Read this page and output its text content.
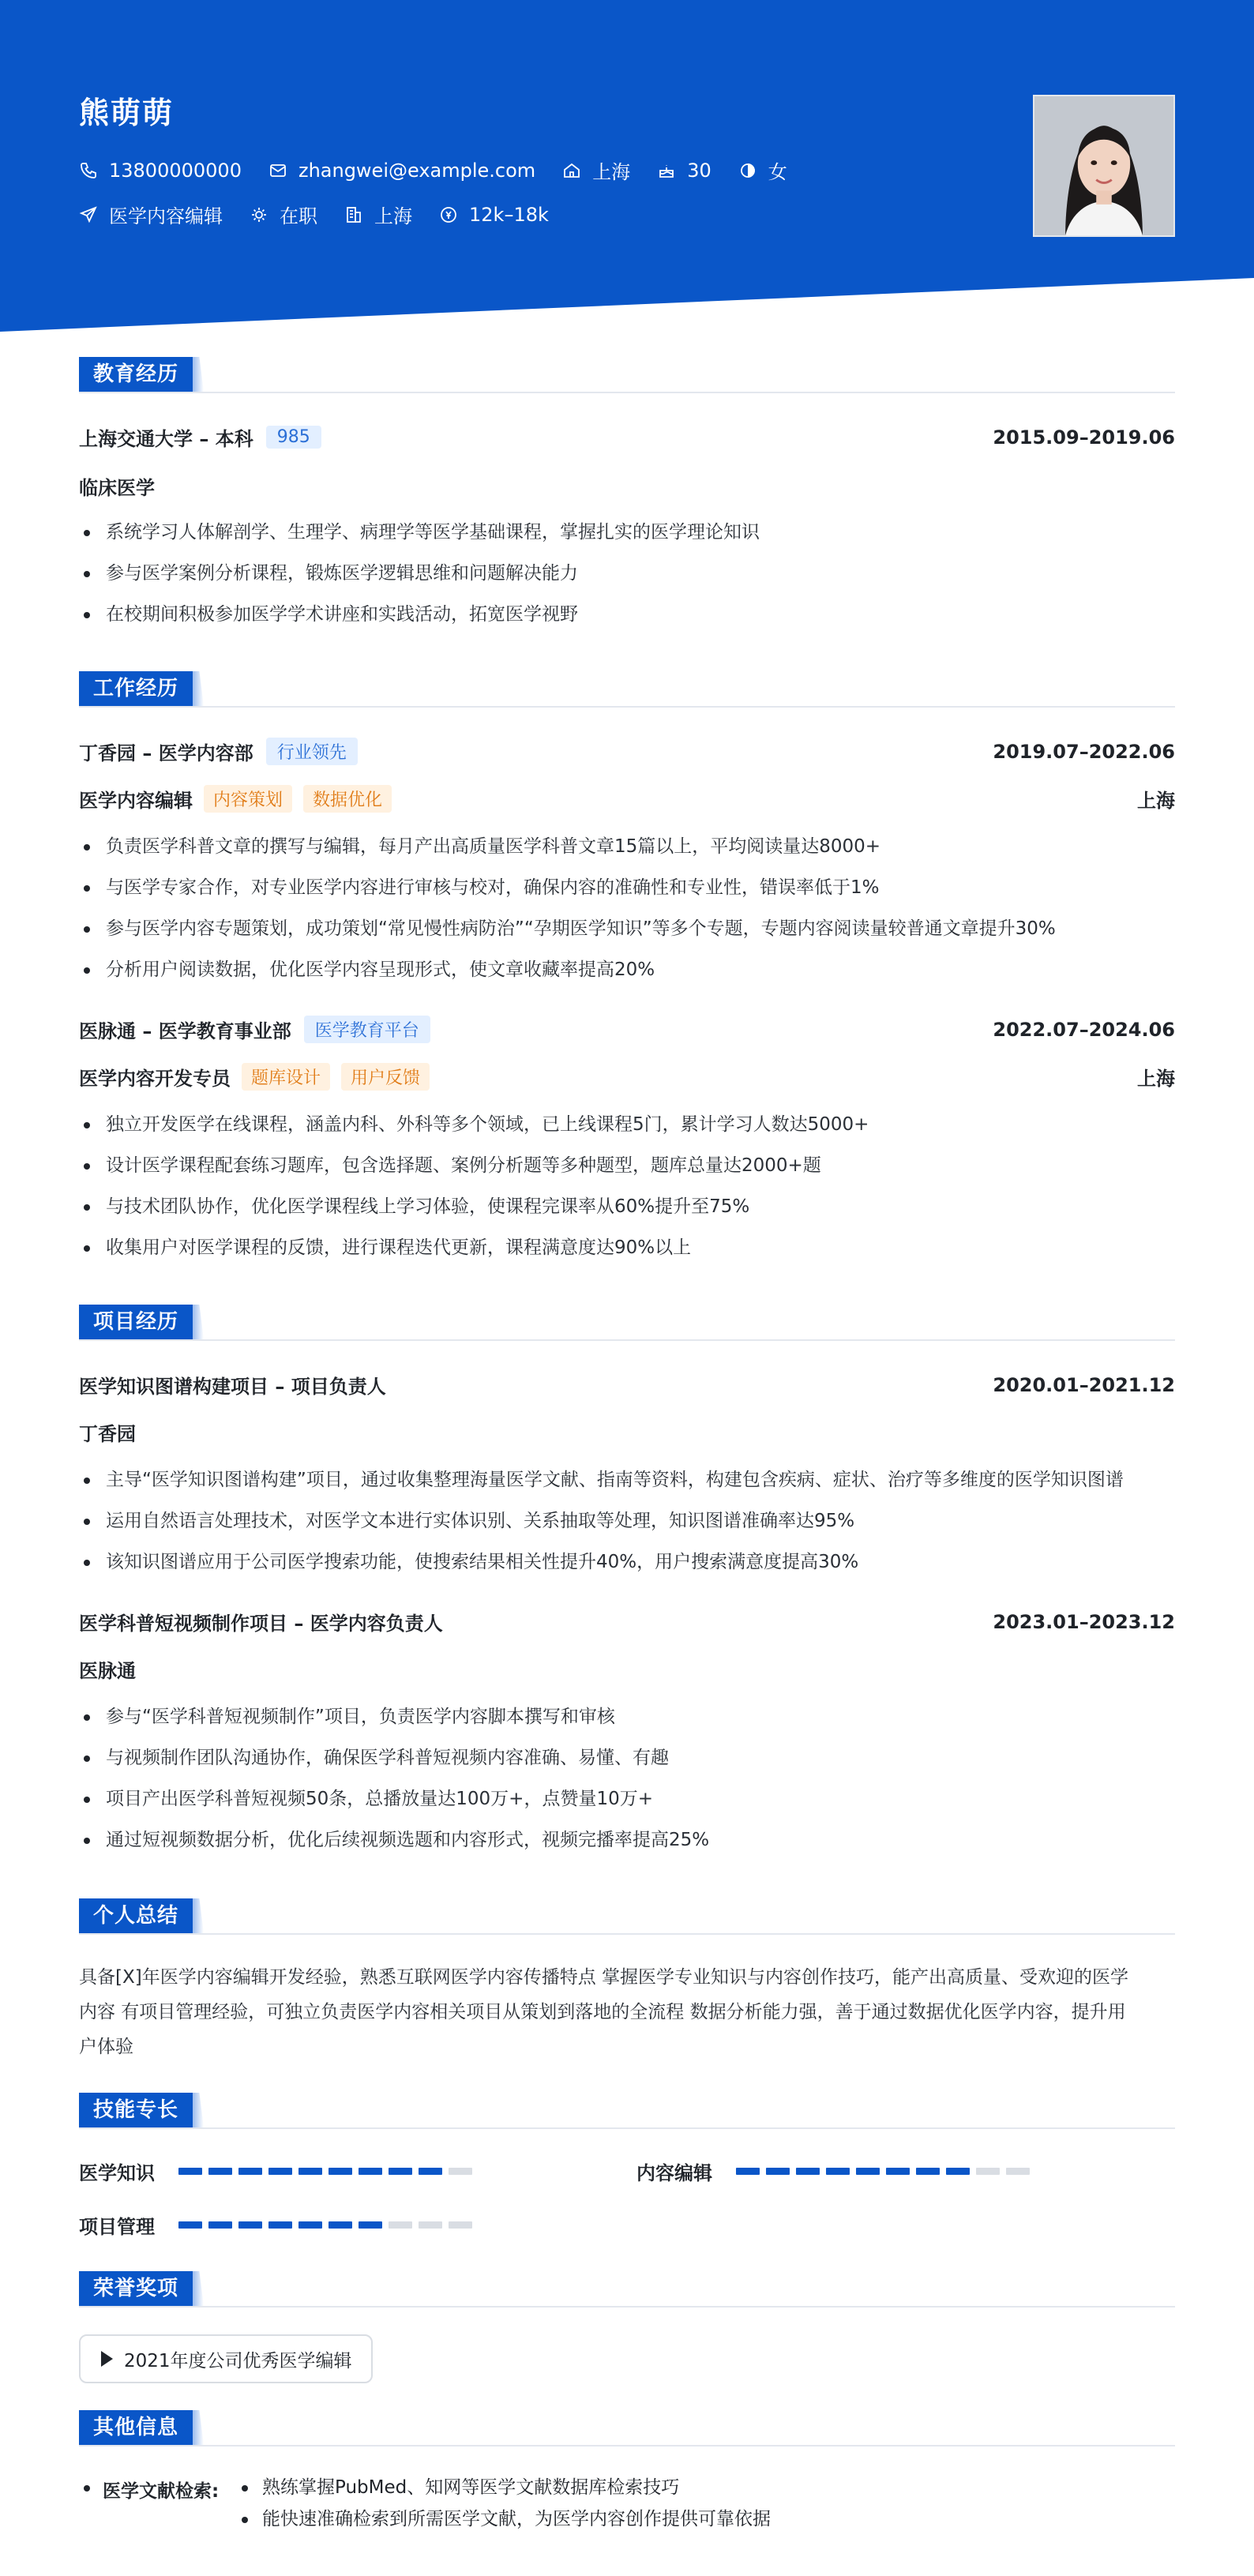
熊萌萌
13800000000	zhangwei@example.com	上海	30	女
医学内容编辑	在职	上海	12k–18k
教育经历
上海交通大学 – 本科	985	2015.09–2019.06
临床医学
系统学习人体解剖学、生理学、病理学等医学基础课程，掌握扎实的医学理论知识
参与医学案例分析课程，锻炼医学逻辑思维和问题解决能力
在校期间积极参加医学学术讲座和实践活动，拓宽医学视野
工作经历
丁香园 – 医学内容部	行业领先	2019.07–2022.06
医学内容编辑	内容策划	数据优化	上海
负责医学科普文章的撰写与编辑，每月产出高质量医学科普文章15篇以上，平均阅读量达8000+
与医学专家合作，对专业医学内容进行审核与校对，确保内容的准确性和专业性，错误率低于1%
参与医学内容专题策划，成功策划“常见慢性病防治”“孕期医学知识”等多个专题，专题内容阅读量较普通文章提升30%
分析用户阅读数据，优化医学内容呈现形式，使文章收藏率提高20%
医脉通 – 医学教育事业部	医学教育平台	2022.07–2024.06
医学内容开发专员	题库设计	用户反馈	上海
独立开发医学在线课程，涵盖内科、外科等多个领域，已上线课程5门，累计学习人数达5000+
设计医学课程配套练习题库，包含选择题、案例分析题等多种题型，题库总量达2000+题
与技术团队协作，优化医学课程线上学习体验，使课程完课率从60%提升至75%
收集用户对医学课程的反馈，进行课程迭代更新，课程满意度达90%以上
项目经历
医学知识图谱构建项目 – 项目负责人	2020.01–2021.12
丁香园
主导“医学知识图谱构建”项目，通过收集整理海量医学文献、指南等资料，构建包含疾病、症状、治疗等多维度的医学知识图谱
运用自然语言处理技术，对医学文本进行实体识别、关系抽取等处理，知识图谱准确率达95%
该知识图谱应用于公司医学搜索功能，使搜索结果相关性提升40%，用户搜索满意度提高30%
医学科普短视频制作项目 – 医学内容负责人	2023.01–2023.12
医脉通
参与“医学科普短视频制作”项目，负责医学内容脚本撰写和审核
与视频制作团队沟通协作，确保医学科普短视频内容准确、易懂、有趣
项目产出医学科普短视频50条，总播放量达100万+，点赞量10万+
通过短视频数据分析，优化后续视频选题和内容形式，视频完播率提高25%
个人总结
具备[X]年医学内容编辑开发经验，熟悉互联网医学内容传播特点 掌握医学专业知识与内容创作技巧，能产出高质量、受欢迎的医学
内容 有项目管理经验，可独立负责医学内容相关项目从策划到落地的全流程 数据分析能力强，善于通过数据优化医学内容，提升用
户体验
技能专长
医学知识	内容编辑
项目管理
荣誉奖项
2021年度公司优秀医学编辑
其他信息
医学文献检索:	熟练掌握PubMed、知网等医学文献数据库检索技巧
能快速准确检索到所需医学文献，为医学内容创作提供可靠依据
